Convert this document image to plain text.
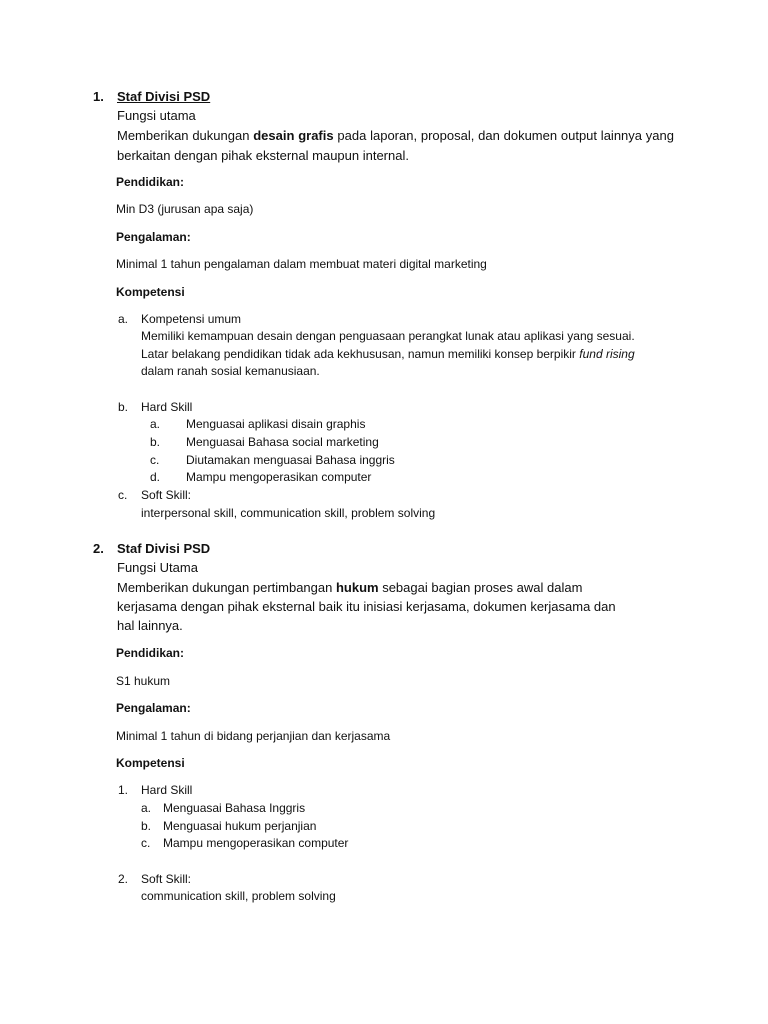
1. Staf Divisi PSD
Fungsi utama
Memberikan dukungan desain grafis pada laporan, proposal, dan dokumen output lainnya yang berkaitan dengan pihak eksternal maupun internal.
Pendidikan:
Min D3 (jurusan apa saja)
Pengalaman:
Minimal 1 tahun pengalaman dalam membuat materi digital marketing
Kompetensi
a. Kompetensi umum
Memiliki kemampuan desain dengan penguasaan perangkat lunak atau aplikasi yang sesuai.
Latar belakang pendidikan tidak ada kekhususan, namun memiliki konsep berpikir fund rising
dalam ranah sosial kemanusiaan.
b. Hard Skill
a. Menguasai aplikasi disain graphis
b. Menguasai Bahasa social marketing
c. Diutamakan menguasai Bahasa inggris
d. Mampu mengoperasikan computer
c. Soft Skill:
interpersonal skill, communication skill, problem solving
2. Staf Divisi PSD
Fungsi Utama
Memberikan dukungan pertimbangan hukum sebagai bagian proses awal dalam
kerjasama dengan pihak eksternal baik itu inisiasi kerjasama, dokumen kerjasama dan
hal lainnya.
Pendidikan:
S1 hukum
Pengalaman:
Minimal 1 tahun di bidang perjanjian dan kerjasama
Kompetensi
1. Hard Skill
a. Menguasai Bahasa Inggris
b. Menguasai hukum perjanjian
c. Mampu mengoperasikan computer
2. Soft Skill:
communication skill, problem solving
